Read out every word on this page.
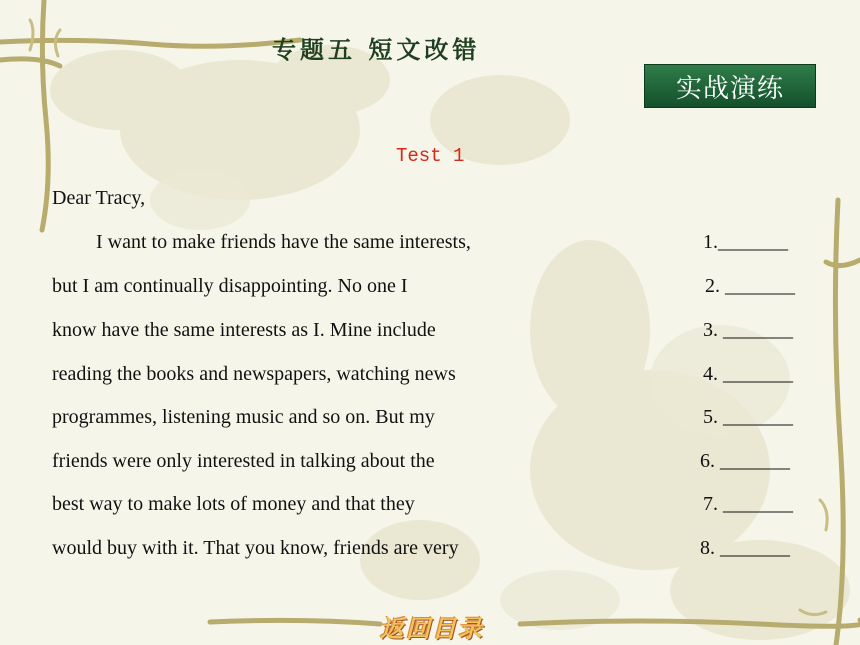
专题五 短文改错
实战演练
Test 1
Dear Tracy,
I want to make friends have the same interests,	1._______
but I am continually disappointing. No one I	2. _______
know have the same interests as I. Mine include	3. _______
reading the books and newspapers, watching news	4. _______
programmes, listening music and so on. But my	5. _______
friends were only interested in talking about the	6. _______
best way to make lots of money and that they	7. _______
would buy with it. That you know, friends are very	8. _______
返回目录
